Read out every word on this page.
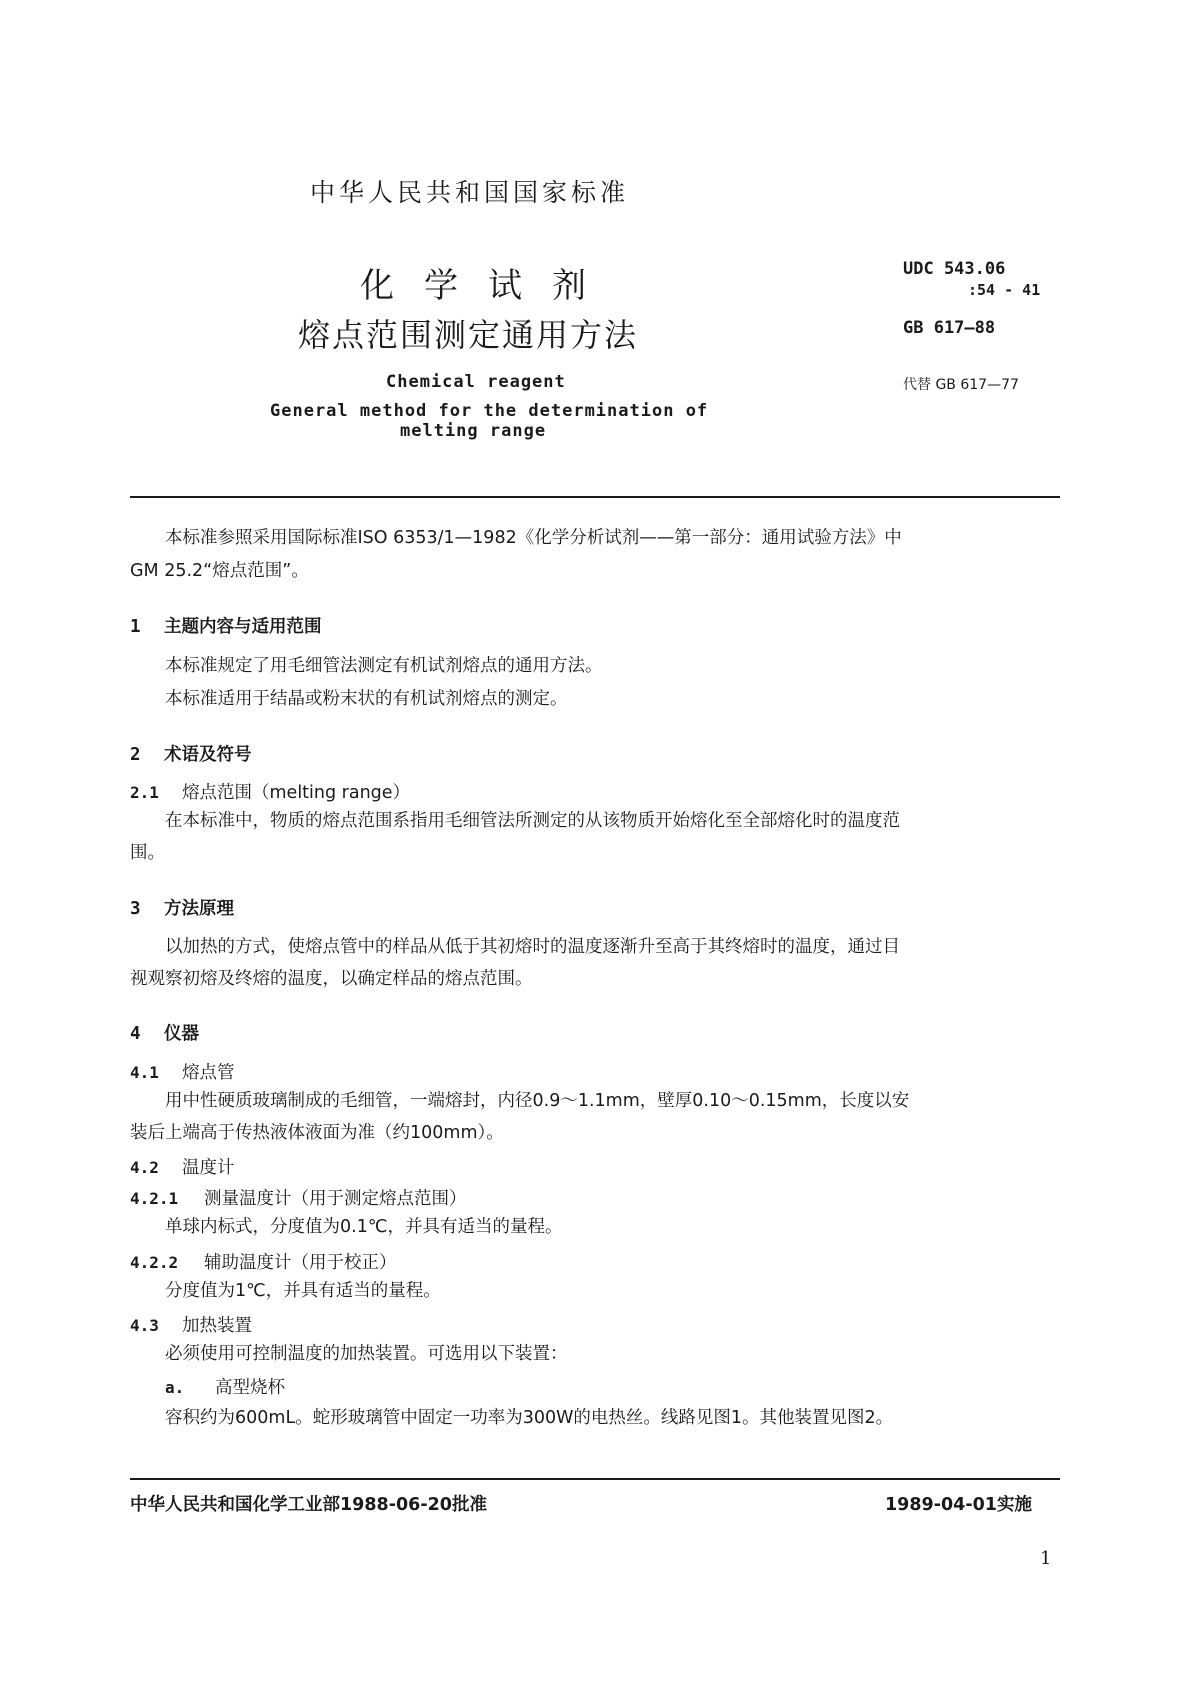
中华人民共和国国家标准
化学试剂
熔点范围测定通用方法
Chemical reagent
General method for the determination of
melting range
UDC 543.06
:54 - 41
GB 617—88
代替 GB 617—77
本标准参照采用国际标准ISO 6353/1—1982《化学分析试剂——第一部分：通用试验方法》中
GM 25.2“熔点范围”。
1 主题内容与适用范围
本标准规定了用毛细管法测定有机试剂熔点的通用方法。
本标准适用于结晶或粉末状的有机试剂熔点的测定。
2 术语及符号
2.1 熔点范围（melting range）
在本标准中，物质的熔点范围系指用毛细管法所测定的从该物质开始熔化至全部熔化时的温度范
围。
3 方法原理
以加热的方式，使熔点管中的样品从低于其初熔时的温度逐渐升至高于其终熔时的温度，通过目
视观察初熔及终熔的温度，以确定样品的熔点范围。
4 仪器
4.1 熔点管
用中性硬质玻璃制成的毛细管，一端熔封，内径0.9～1.1mm，壁厚0.10～0.15mm，长度以安
装后上端高于传热液体液面为准（约100mm）。
4.2 温度计
4.2.1 测量温度计（用于测定熔点范围）
单球内标式，分度值为0.1℃，并具有适当的量程。
4.2.2 辅助温度计（用于校正）
分度值为1℃，并具有适当的量程。
4.3 加热装置
必须使用可控制温度的加热装置。可选用以下装置：
a. 高型烧杯
容积约为600mL。蛇形玻璃管中固定一功率为300W的电热丝。线路见图1。其他装置见图2。
中华人民共和国化学工业部1988-06-20批准	1989-04-01实施
1
